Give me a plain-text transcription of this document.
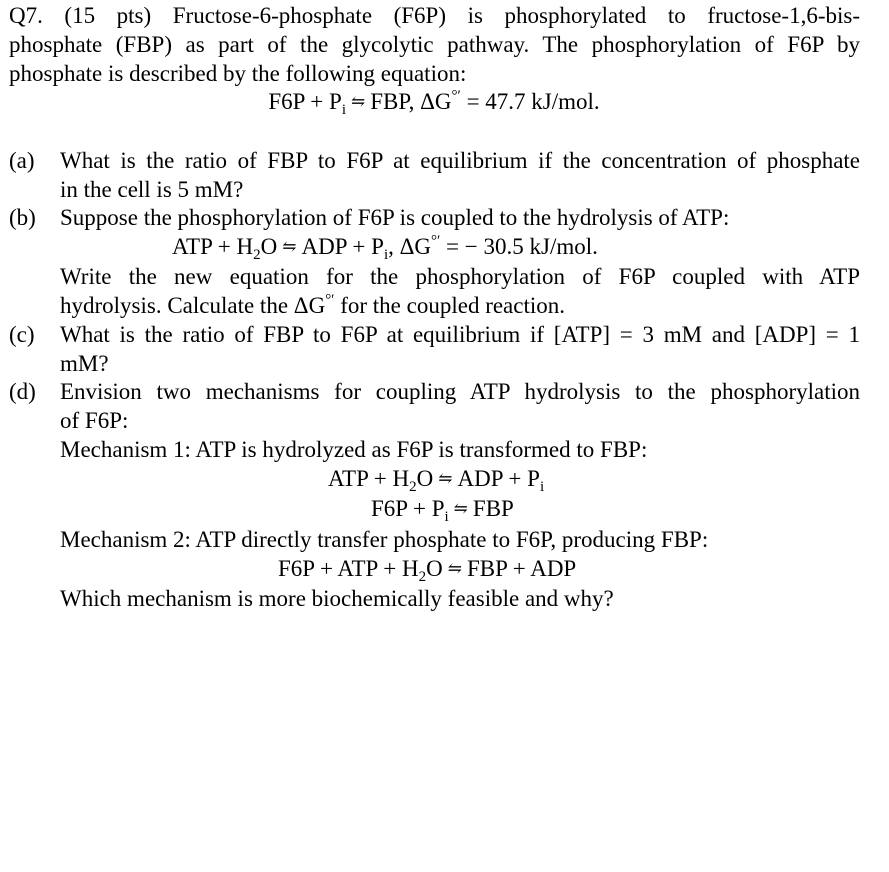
Q7. (15 pts) Fructose-6-phosphate (F6P) is phosphorylated to fructose-1,6-bis-
phosphate (FBP) as part of the glycolytic pathway. The phosphorylation of F6P by
phosphate is described by the following equation:
$F6P + P_i$ ⇋ FBP, ΔG°′ = 47.7 kJ/mol.
(a) What is the ratio of FBP to F6P at equilibrium if the concentration of phosphate
in the cell is 5 mM?
(b) Suppose the phosphorylation of F6P is coupled to the hydrolysis of ATP:
ATP + $H_2O$ ⇋ ADP + $P_i$, ΔG°′ = − 30.5 kJ/mol.
Write the new equation for the phosphorylation of F6P coupled with ATP
hydrolysis. Calculate the ΔG°′ for the coupled reaction.
(c) What is the ratio of FBP to F6P at equilibrium if [ATP] = 3 mM and [ADP] = 1
mM?
(d) Envision two mechanisms for coupling ATP hydrolysis to the phosphorylation
of F6P:
Mechanism 1: ATP is hydrolyzed as F6P is transformed to FBP:
ATP + $H_2O$ ⇋ ADP + $P_i$
$F6P + P_i$ ⇋ FBP
Mechanism 2: ATP directly transfer phosphate to F6P, producing FBP:
F6P + ATP + $H_2O$ ⇋ FBP + ADP
Which mechanism is more biochemically feasible and why?
